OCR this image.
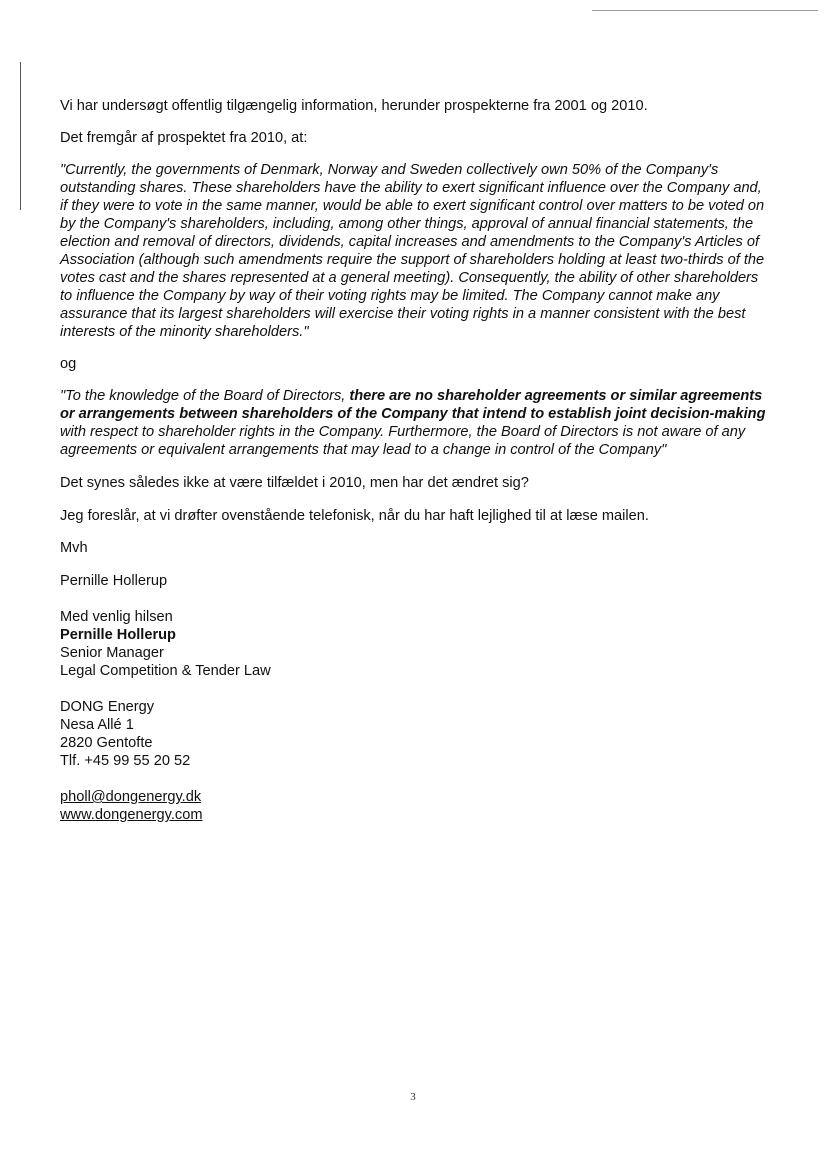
Vi har undersøgt offentlig tilgængelig information, herunder prospekterne fra 2001 og 2010.

Det fremgår af prospektet fra 2010, at:

"Currently, the governments of Denmark, Norway and Sweden collectively own 50% of the Company's outstanding shares. These shareholders have the ability to exert significant influence over the Company and, if they were to vote in the same manner, would be able to exert significant control over matters to be voted on by the Company's shareholders, including, among other things, approval of annual financial statements, the election and removal of directors, dividends, capital increases and amendments to the Company's Articles of Association (although such amendments require the support of shareholders holding at least two-thirds of the votes cast and the shares represented at a general meeting). Consequently, the ability of other shareholders to influence the Company by way of their voting rights may be limited. The Company cannot make any assurance that its largest shareholders will exercise their voting rights in a manner consistent with the best interests of the minority shareholders."

og

"To the knowledge of the Board of Directors, there are no shareholder agreements or similar agreements or arrangements between shareholders of the Company that intend to establish joint decision-making with respect to shareholder rights in the Company. Furthermore, the Board of Directors is not aware of any agreements or equivalent arrangements that may lead to a change in control of the Company"

Det synes således ikke at være tilfældet i 2010, men har det ændret sig?

Jeg foreslår, at vi drøfter ovenstående telefonisk, når du har haft lejlighed til at læse mailen.

Mvh

Pernille Hollerup

Med venlig hilsen
Pernille Hollerup
Senior Manager
Legal Competition & Tender Law
DONG Energy
Nesa Allé 1
2820 Gentofte
Tlf. +45 99 55 20 52
pholl@dongenergy.dk
www.dongenergy.com
3
